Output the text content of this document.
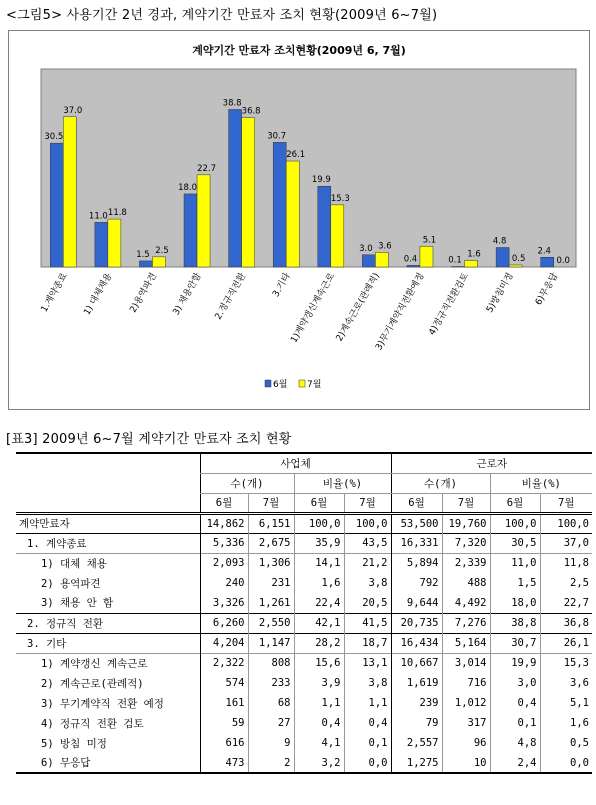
<그림5> 사용기간 2년 경과, 계약기간 만료자 조치 현황(2009년 6~7월)
계약기간 만료자 조치현황(2009년 6, 7월)
30.5
11.0
1.5
18.0
38.8
30.7
19.9
3.0
0.4	0.1
4.8
2.4
37.0
11.8
2.5
22.7
36.8
26.1
15.3
3.6
5.1
1.6	0.5	0.0
1.계약종료 1) 대체채용 2)용역파견 3) 채용안함 2.정규직전환	3.기타
1)계약갱신계속근로
2)계속근로(관례적)
3)무기계약직전환예정 4)정규직전환검토 5)방침미정 6)무응답
6월 7월
[표3] 2009년 6~7월 계약기간 만료자 조치 현황
	사업체				근로자			
	수(개)		비율(%)		수(개)		비율(%)	
	6월	7월	6월	7월	6월	7월	6월	7월
계약만료자	14,862	6,151	100,0	100,0	53,500	19,760	100,0	100,0
1. 계약종료	5,336	2,675	35,9	43,5	16,331	7,320	30,5	37,0
1) 대체 채용	2,093	1,306	14,1	21,2	5,894	2,339	11,0	11,8
2) 용역파견	240	231	1,6	3,8	792	488	1,5	2,5
3) 채용 안 함	3,326	1,261	22,4	20,5	9,644	4,492	18,0	22,7
2. 정규직 전환	6,260	2,550	42,1	41,5	20,735	7,276	38,8	36,8
3. 기타	4,204	1,147	28,2	18,7	16,434	5,164	30,7	26,1
1) 계약갱신 계속근로	2,322	808	15,6	13,1	10,667	3,014	19,9	15,3
2) 계속근로(관례적)	574	233	3,9	3,8	1,619	716	3,0	3,6
3) 무기계약직 전환 예정	161	68	1,1	1,1	239	1,012	0,4	5,1
4) 정규직 전환 검토	59	27	0,4	0,4	79	317	0,1	1,6
5) 방침 미정	616	9	4,1	0,1	2,557	96	4,8	0,5
6) 무응답	473	2	3,2	0,0	1,275	10	2,4	0,0
